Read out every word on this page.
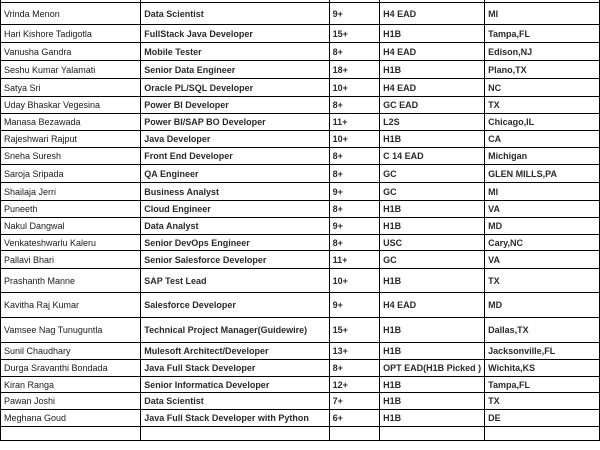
Vrinda Menon	Data Scientist	9+	H4 EAD	MI
Hari Kishore Tadigotla	FullStack Java Developer	15+	H1B	Tampa,FL
Vanusha Gandra	Mobile Tester	8+	H4 EAD	Edison,NJ
Seshu Kumar Yalamati	Senior Data Engineer	18+	H1B	Plano,TX
Satya Sri	Oracle PL/SQL Developer	10+	H4 EAD	NC
Uday Bhaskar Vegesina	Power BI Developer	8+	GC EAD	TX
Manasa Bezawada	Power BI/SAP BO Developer	11+	L2S	Chicago,IL
Rajeshwari Rajput	Java Developer	10+	H1B	CA
Sneha Suresh	Front End Developer	8+	C 14 EAD	Michigan
Saroja Sripada	QA Engineer	8+	GC	GLEN MILLS,PA
Shailaja Jerri	Business Analyst	9+	GC	MI
Puneeth	Cloud Engineer	8+	H1B	VA
Nakul Dangwal	Data Analyst	9+	H1B	MD
Venkateshwarlu Kaleru	Senior DevOps Engineer	8+	USC	Cary,NC
Pallavi Bhari	Senior Salesforce Developer	11+	GC	VA
Prashanth Manne	SAP Test Lead	10+	H1B	TX
Kavitha Raj Kumar	Salesforce Developer	9+	H4 EAD	MD
Vamsee Nag Tunuguntla	Technical Project Manager(Guidewire)	15+	H1B	Dallas,TX
Sunil Chaudhary	Mulesoft Architect/Developer	13+	H1B	Jacksonville,FL
Durga Sravanthi Bondada	Java Full Stack Developer	8+	OPT EAD(H1B Picked )	Wichita,KS
Kiran Ranga	Senior Informatica Developer	12+	H1B	Tampa,FL
Pawan Joshi	Data Scientist	7+	H1B	TX
Meghana Goud	Java Full Stack Developer with Python	6+	H1B	DE
